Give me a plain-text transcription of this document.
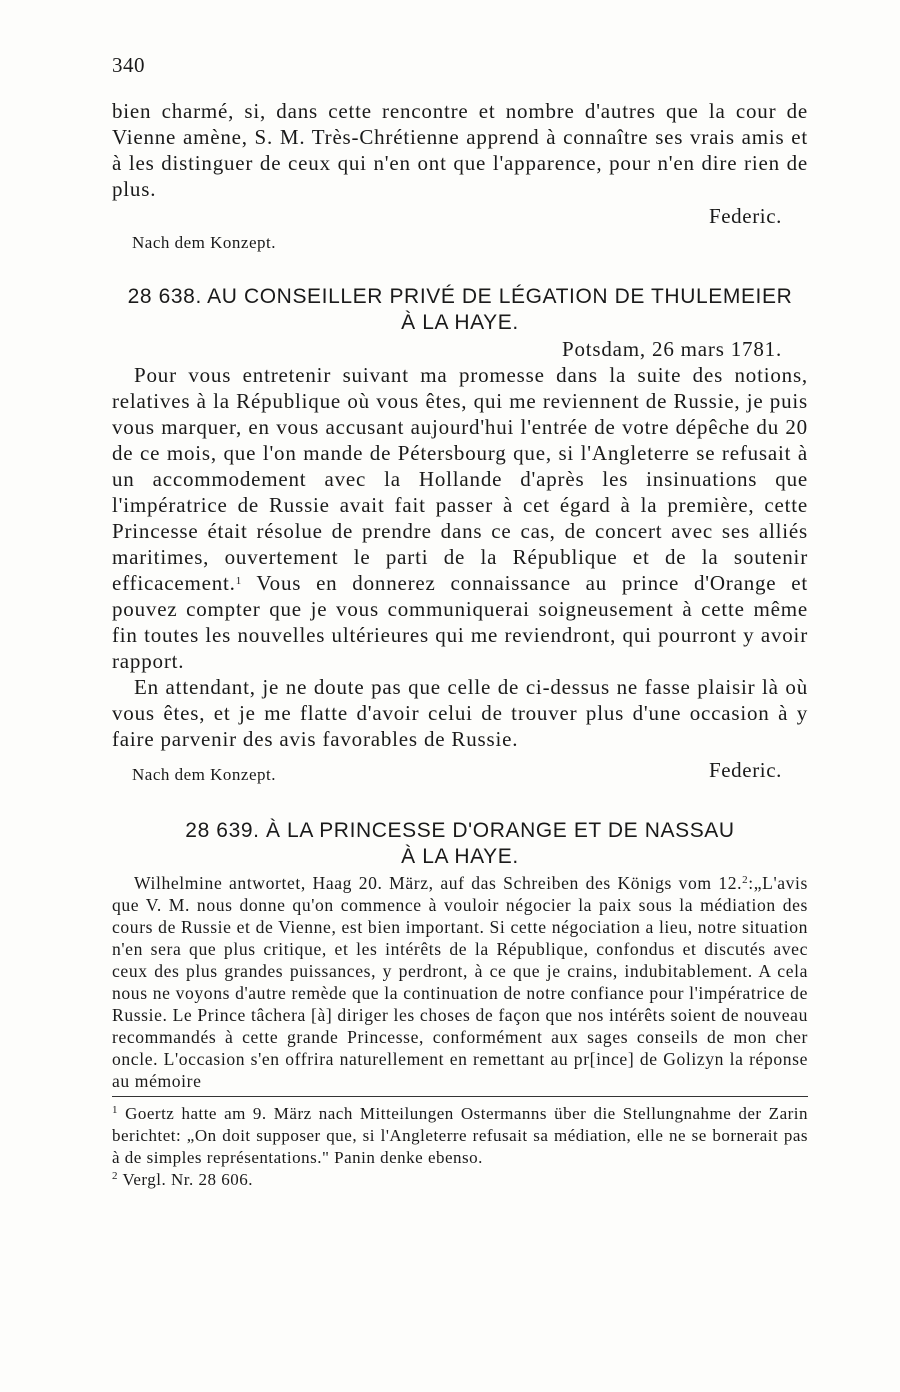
340

bien charmé, si, dans cette rencontre et nombre d'autres que la cour de Vienne amène, S. M. Très-Chrétienne apprend à connaître ses vrais amis et à les distinguer de ceux qui n'en ont que l'apparence, pour n'en dire rien de plus.

Federic.
Nach dem Konzept.
28 638. AU CONSEILLER PRIVÉ DE LÉGATION DE THULEMEIER
À LA HAYE.
Potsdam, 26 mars 1781.

Pour vous entretenir suivant ma promesse dans la suite des notions, relatives à la République où vous êtes, qui me reviennent de Russie, je puis vous marquer, en vous accusant aujourd'hui l'entrée de votre dépêche du 20 de ce mois, que l'on mande de Pétersbourg que, si l'Angleterre se refusait à un accommodement avec la Hollande d'après les insinuations que l'impératrice de Russie avait fait passer à cet égard à la première, cette Princesse était résolue de prendre dans ce cas, de concert avec ses alliés maritimes, ouvertement le parti de la République et de la soutenir efficacement.$^1$ Vous en donnerez connaissance au prince d'Orange et pouvez compter que je vous communiquerai soigneusement à cette même fin toutes les nouvelles ultérieures qui me reviendront, qui pourront y avoir rapport.

En attendant, je ne doute pas que celle de ci-dessus ne fasse plaisir là où vous êtes, et je me flatte d'avoir celui de trouver plus d'une occasion à y faire parvenir des avis favorables de Russie.

Federic.
Nach dem Konzept.
28 639. À LA PRINCESSE D'ORANGE ET DE NASSAU
À LA HAYE.

Wilhelmine antwortet, Haag 20. März, auf das Schreiben des Königs vom 12.$^2$:„L'avis que V. M. nous donne qu'on commence à vouloir négocier la paix sous la médiation des cours de Russie et de Vienne, est bien important. Si cette négociation a lieu, notre situation n'en sera que plus critique, et les intérêts de la République, confondus et discutés avec ceux des plus grandes puissances, y perdront, à ce que je crains, indubitablement. A cela nous ne voyons d'autre remède que la continuation de notre confiance pour l'impératrice de Russie. Le Prince tâchera [à] diriger les choses de façon que nos intérêts soient de nouveau recommandés à cette grande Princesse, conformément aux sages conseils de mon cher oncle. L'occasion s'en offrira naturellement en remettant au pr[ince] de Golizyn la réponse au mémoire

$^1$ Goertz hatte am 9. März nach Mitteilungen Ostermanns über die Stellungnahme der Zarin berichtet: „On doit supposer que, si l'Angleterre refusait sa médiation, elle ne se bornerait pas à de simples représentations." Panin denke ebenso.

$^2$ Vergl. Nr. 28 606.
